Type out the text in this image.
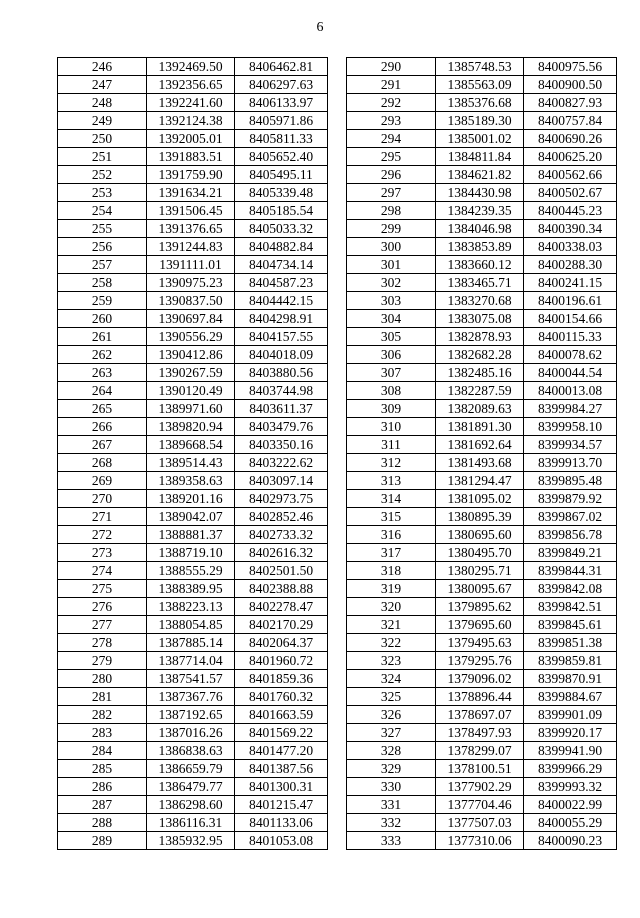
6
246	1392469.50	8406462.81
247	1392356.65	8406297.63
248	1392241.60	8406133.97
249	1392124.38	8405971.86
250	1392005.01	8405811.33
251	1391883.51	8405652.40
252	1391759.90	8405495.11
253	1391634.21	8405339.48
254	1391506.45	8405185.54
255	1391376.65	8405033.32
256	1391244.83	8404882.84
257	1391111.01	8404734.14
258	1390975.23	8404587.23
259	1390837.50	8404442.15
260	1390697.84	8404298.91
261	1390556.29	8404157.55
262	1390412.86	8404018.09
263	1390267.59	8403880.56
264	1390120.49	8403744.98
265	1389971.60	8403611.37
266	1389820.94	8403479.76
267	1389668.54	8403350.16
268	1389514.43	8403222.62
269	1389358.63	8403097.14
270	1389201.16	8402973.75
271	1389042.07	8402852.46
272	1388881.37	8402733.32
273	1388719.10	8402616.32
274	1388555.29	8402501.50
275	1388389.95	8402388.88
276	1388223.13	8402278.47
277	1388054.85	8402170.29
278	1387885.14	8402064.37
279	1387714.04	8401960.72
280	1387541.57	8401859.36
281	1387367.76	8401760.32
282	1387192.65	8401663.59
283	1387016.26	8401569.22
284	1386838.63	8401477.20
285	1386659.79	8401387.56
286	1386479.77	8401300.31
287	1386298.60	8401215.47
288	1386116.31	8401133.06
289	1385932.95	8401053.08
290	1385748.53	8400975.56
291	1385563.09	8400900.50
292	1385376.68	8400827.93
293	1385189.30	8400757.84
294	1385001.02	8400690.26
295	1384811.84	8400625.20
296	1384621.82	8400562.66
297	1384430.98	8400502.67
298	1384239.35	8400445.23
299	1384046.98	8400390.34
300	1383853.89	8400338.03
301	1383660.12	8400288.30
302	1383465.71	8400241.15
303	1383270.68	8400196.61
304	1383075.08	8400154.66
305	1382878.93	8400115.33
306	1382682.28	8400078.62
307	1382485.16	8400044.54
308	1382287.59	8400013.08
309	1382089.63	8399984.27
310	1381891.30	8399958.10
311	1381692.64	8399934.57
312	1381493.68	8399913.70
313	1381294.47	8399895.48
314	1381095.02	8399879.92
315	1380895.39	8399867.02
316	1380695.60	8399856.78
317	1380495.70	8399849.21
318	1380295.71	8399844.31
319	1380095.67	8399842.08
320	1379895.62	8399842.51
321	1379695.60	8399845.61
322	1379495.63	8399851.38
323	1379295.76	8399859.81
324	1379096.02	8399870.91
325	1378896.44	8399884.67
326	1378697.07	8399901.09
327	1378497.93	8399920.17
328	1378299.07	8399941.90
329	1378100.51	8399966.29
330	1377902.29	8399993.32
331	1377704.46	8400022.99
332	1377507.03	8400055.29
333	1377310.06	8400090.23
